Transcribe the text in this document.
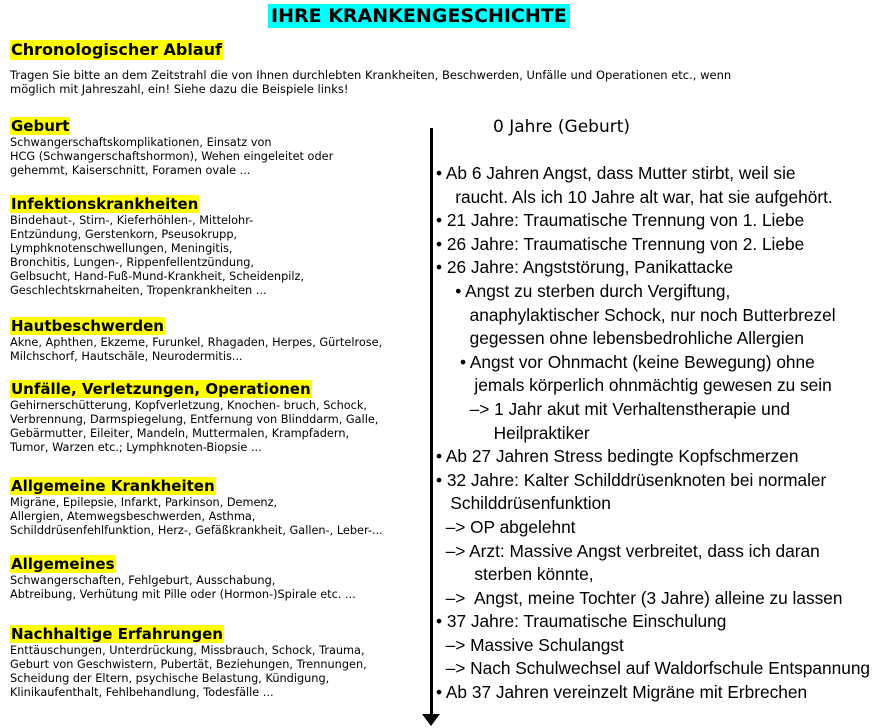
IHRE KRANKENGESCHICHTE
Chronologischer Ablauf
Tragen Sie bitte an dem Zeitstrahl die von Ihnen durchlebten Krankheiten, Beschwerden, Unfälle und Operationen etc., wenn
möglich mit Jahreszahl, ein! Siehe dazu die Beispiele links!
Geburt
Schwangerschaftskomplikationen, Einsatz von
HCG (Schwangerschaftshormon), Wehen eingeleitet oder
gehemmt, Kaiserschnitt, Foramen ovale ...
Infektionskrankheiten
Bindehaut-, Stirn-, Kieferhöhlen-, Mittelohr-
Entzündung, Gerstenkorn, Pseusokrupp,
Lymphknotenschwellungen, Meningitis,
Bronchitis, Lungen-, Rippenfellentzündung,
Gelbsucht, Hand-Fuß-Mund-Krankheit, Scheidenpilz,
Geschlechtskrnaheiten, Tropenkrankheiten ...
Hautbeschwerden
Akne, Aphthen, Ekzeme, Furunkel, Rhagaden, Herpes, Gürtelrose,
Milchschorf, Hautschäle, Neurodermitis...
Unfälle, Verletzungen, Operationen
Gehirnerschütterung, Kopfverletzung, Knochen- bruch, Schock,
Verbrennung, Darmspiegelung, Entfernung von Blinddarm, Galle,
Gebärmutter, Eileiter, Mandeln, Muttermalen, Krampfadern,
Tumor, Warzen etc.; Lymphknoten-Biopsie ...
Allgemeine Krankheiten
Migräne, Epilepsie, Infarkt, Parkinson, Demenz,
Allergien, Atemwegsbeschwerden, Asthma,
Schilddrüsenfehlfunktion, Herz-, Gefäßkrankheit, Gallen-, Leber-...
Allgemeines
Schwangerschaften, Fehlgeburt, Ausschabung,
Abtreibung, Verhütung mit Pille oder (Hormon-)Spirale etc. ...
Nachhaltige Erfahrungen
Enttäuschungen, Unterdrückung, Missbrauch, Schock, Trauma,
Geburt von Geschwistern, Pubertät, Beziehungen, Trennungen,
Scheidung der Eltern, psychische Belastung, Kündigung,
Klinikaufenthalt, Fehlbehandlung, Todesfälle ...
0 Jahre (Geburt)
• Ab 6 Jahren Angst, dass Mutter stirbt, weil sie
raucht. Als ich 10 Jahre alt war, hat sie aufgehört.
• 21 Jahre: Traumatische Trennung von 1. Liebe
• 26 Jahre: Traumatische Trennung von 2. Liebe
• 26 Jahre: Angststörung, Panikattacke
• Angst zu sterben durch Vergiftung,
anaphylaktischer Schock, nur noch Butterbrezel
gegessen ohne lebensbedrohliche Allergien
• Angst vor Ohnmacht (keine Bewegung) ohne
jemals körperlich ohnmächtig gewesen zu sein
–> 1 Jahr akut mit Verhaltenstherapie und
Heilpraktiker
• Ab 27 Jahren Stress bedingte Kopfschmerzen
• 32 Jahre: Kalter Schilddrüsenknoten bei normaler
Schilddrüsenfunktion
–> OP abgelehnt
–> Arzt: Massive Angst verbreitet, dass ich daran
sterben könnte,
–>  Angst, meine Tochter (3 Jahre) alleine zu lassen
• 37 Jahre: Traumatische Einschulung
–> Massive Schulangst
–> Nach Schulwechsel auf Waldorfschule Entspannung
• Ab 37 Jahren vereinzelt Migräne mit Erbrechen
